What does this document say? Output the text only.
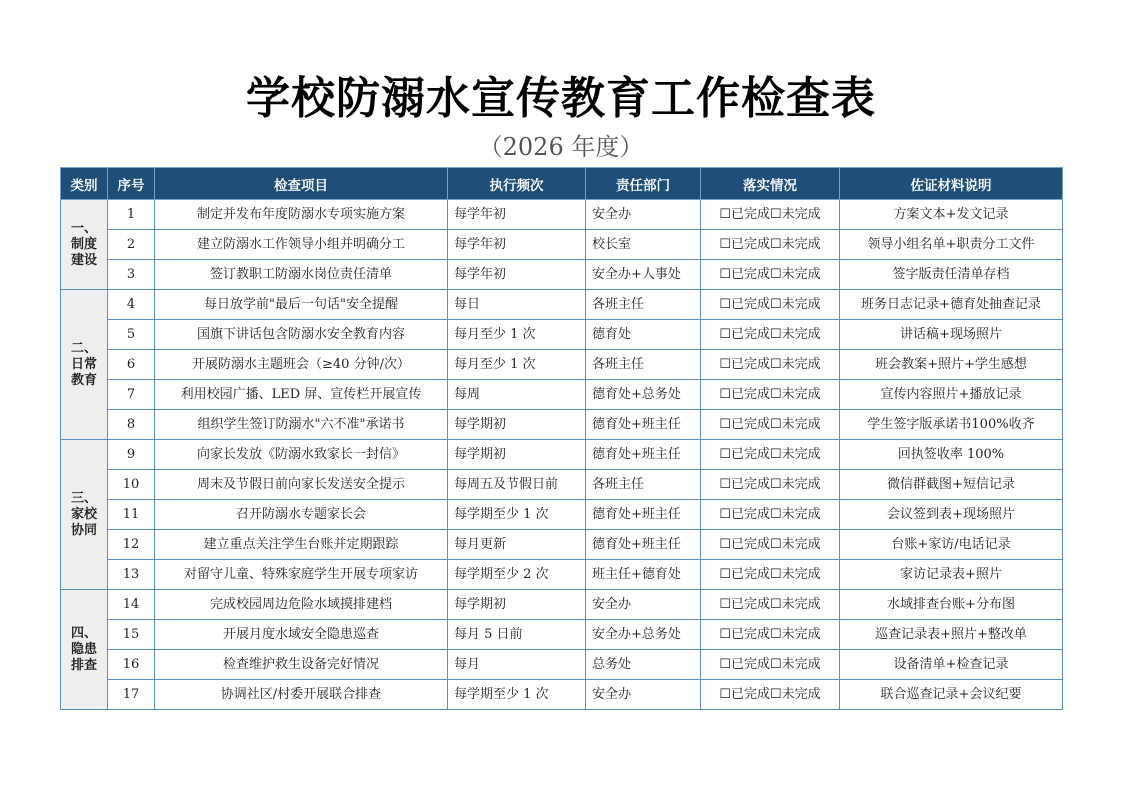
学校防溺水宣传教育工作检查表
（2026 年度）
类别	序号	检查项目	执行频次	责任部门	落实情况	佐证材料说明

一、
制度建设	1	制定并发布年度防溺水专项实施方案	每学年初	安全办	☐已完成☐未完成	方案文本+发文记录
	2	建立防溺水工作领导小组并明确分工	每学年初	校长室	☐已完成☐未完成	领导小组名单+职责分工文件
	3	签订教职工防溺水岗位责任清单	每学年初	安全办+人事处	☐已完成☐未完成	签字版责任清单存档

二、
日常教育	4	每日放学前"最后一句话"安全提醒	每日	各班主任	☐已完成☐未完成	班务日志记录+德育处抽查记录
	5	国旗下讲话包含防溺水安全教育内容	每月至少 1 次	德育处	☐已完成☐未完成	讲话稿+现场照片
	6	开展防溺水主题班会（≥40 分钟/次）	每月至少 1 次	各班主任	☐已完成☐未完成	班会教案+照片+学生感想
	7	利用校园广播、LED 屏、宣传栏开展宣传	每周	德育处+总务处	☐已完成☐未完成	宣传内容照片+播放记录
	8	组织学生签订防溺水"六不准"承诺书	每学期初	德育处+班主任	☐已完成☐未完成	学生签字版承诺书100%收齐

三、
家校协同	9	向家长发放《防溺水致家长一封信》	每学期初	德育处+班主任	☐已完成☐未完成	回执签收率 100%
	10	周末及节假日前向家长发送安全提示	每周五及节假日前	各班主任	☐已完成☐未完成	微信群截图+短信记录
	11	召开防溺水专题家长会	每学期至少 1 次	德育处+班主任	☐已完成☐未完成	会议签到表+现场照片
	12	建立重点关注学生台账并定期跟踪	每月更新	德育处+班主任	☐已完成☐未完成	台账+家访/电话记录
	13	对留守儿童、特殊家庭学生开展专项家访	每学期至少 2 次	班主任+德育处	☐已完成☐未完成	家访记录表+照片

四、
隐患排查	14	完成校园周边危险水域摸排建档	每学期初	安全办	☐已完成☐未完成	水域排查台账+分布图
	15	开展月度水域安全隐患巡查	每月 5 日前	安全办+总务处	☐已完成☐未完成	巡查记录表+照片+整改单
	16	检查维护救生设备完好情况	每月	总务处	☐已完成☐未完成	设备清单+检查记录
	17	协调社区/村委开展联合排查	每学期至少 1 次	安全办	☐已完成☐未完成	联合巡查记录+会议纪要
